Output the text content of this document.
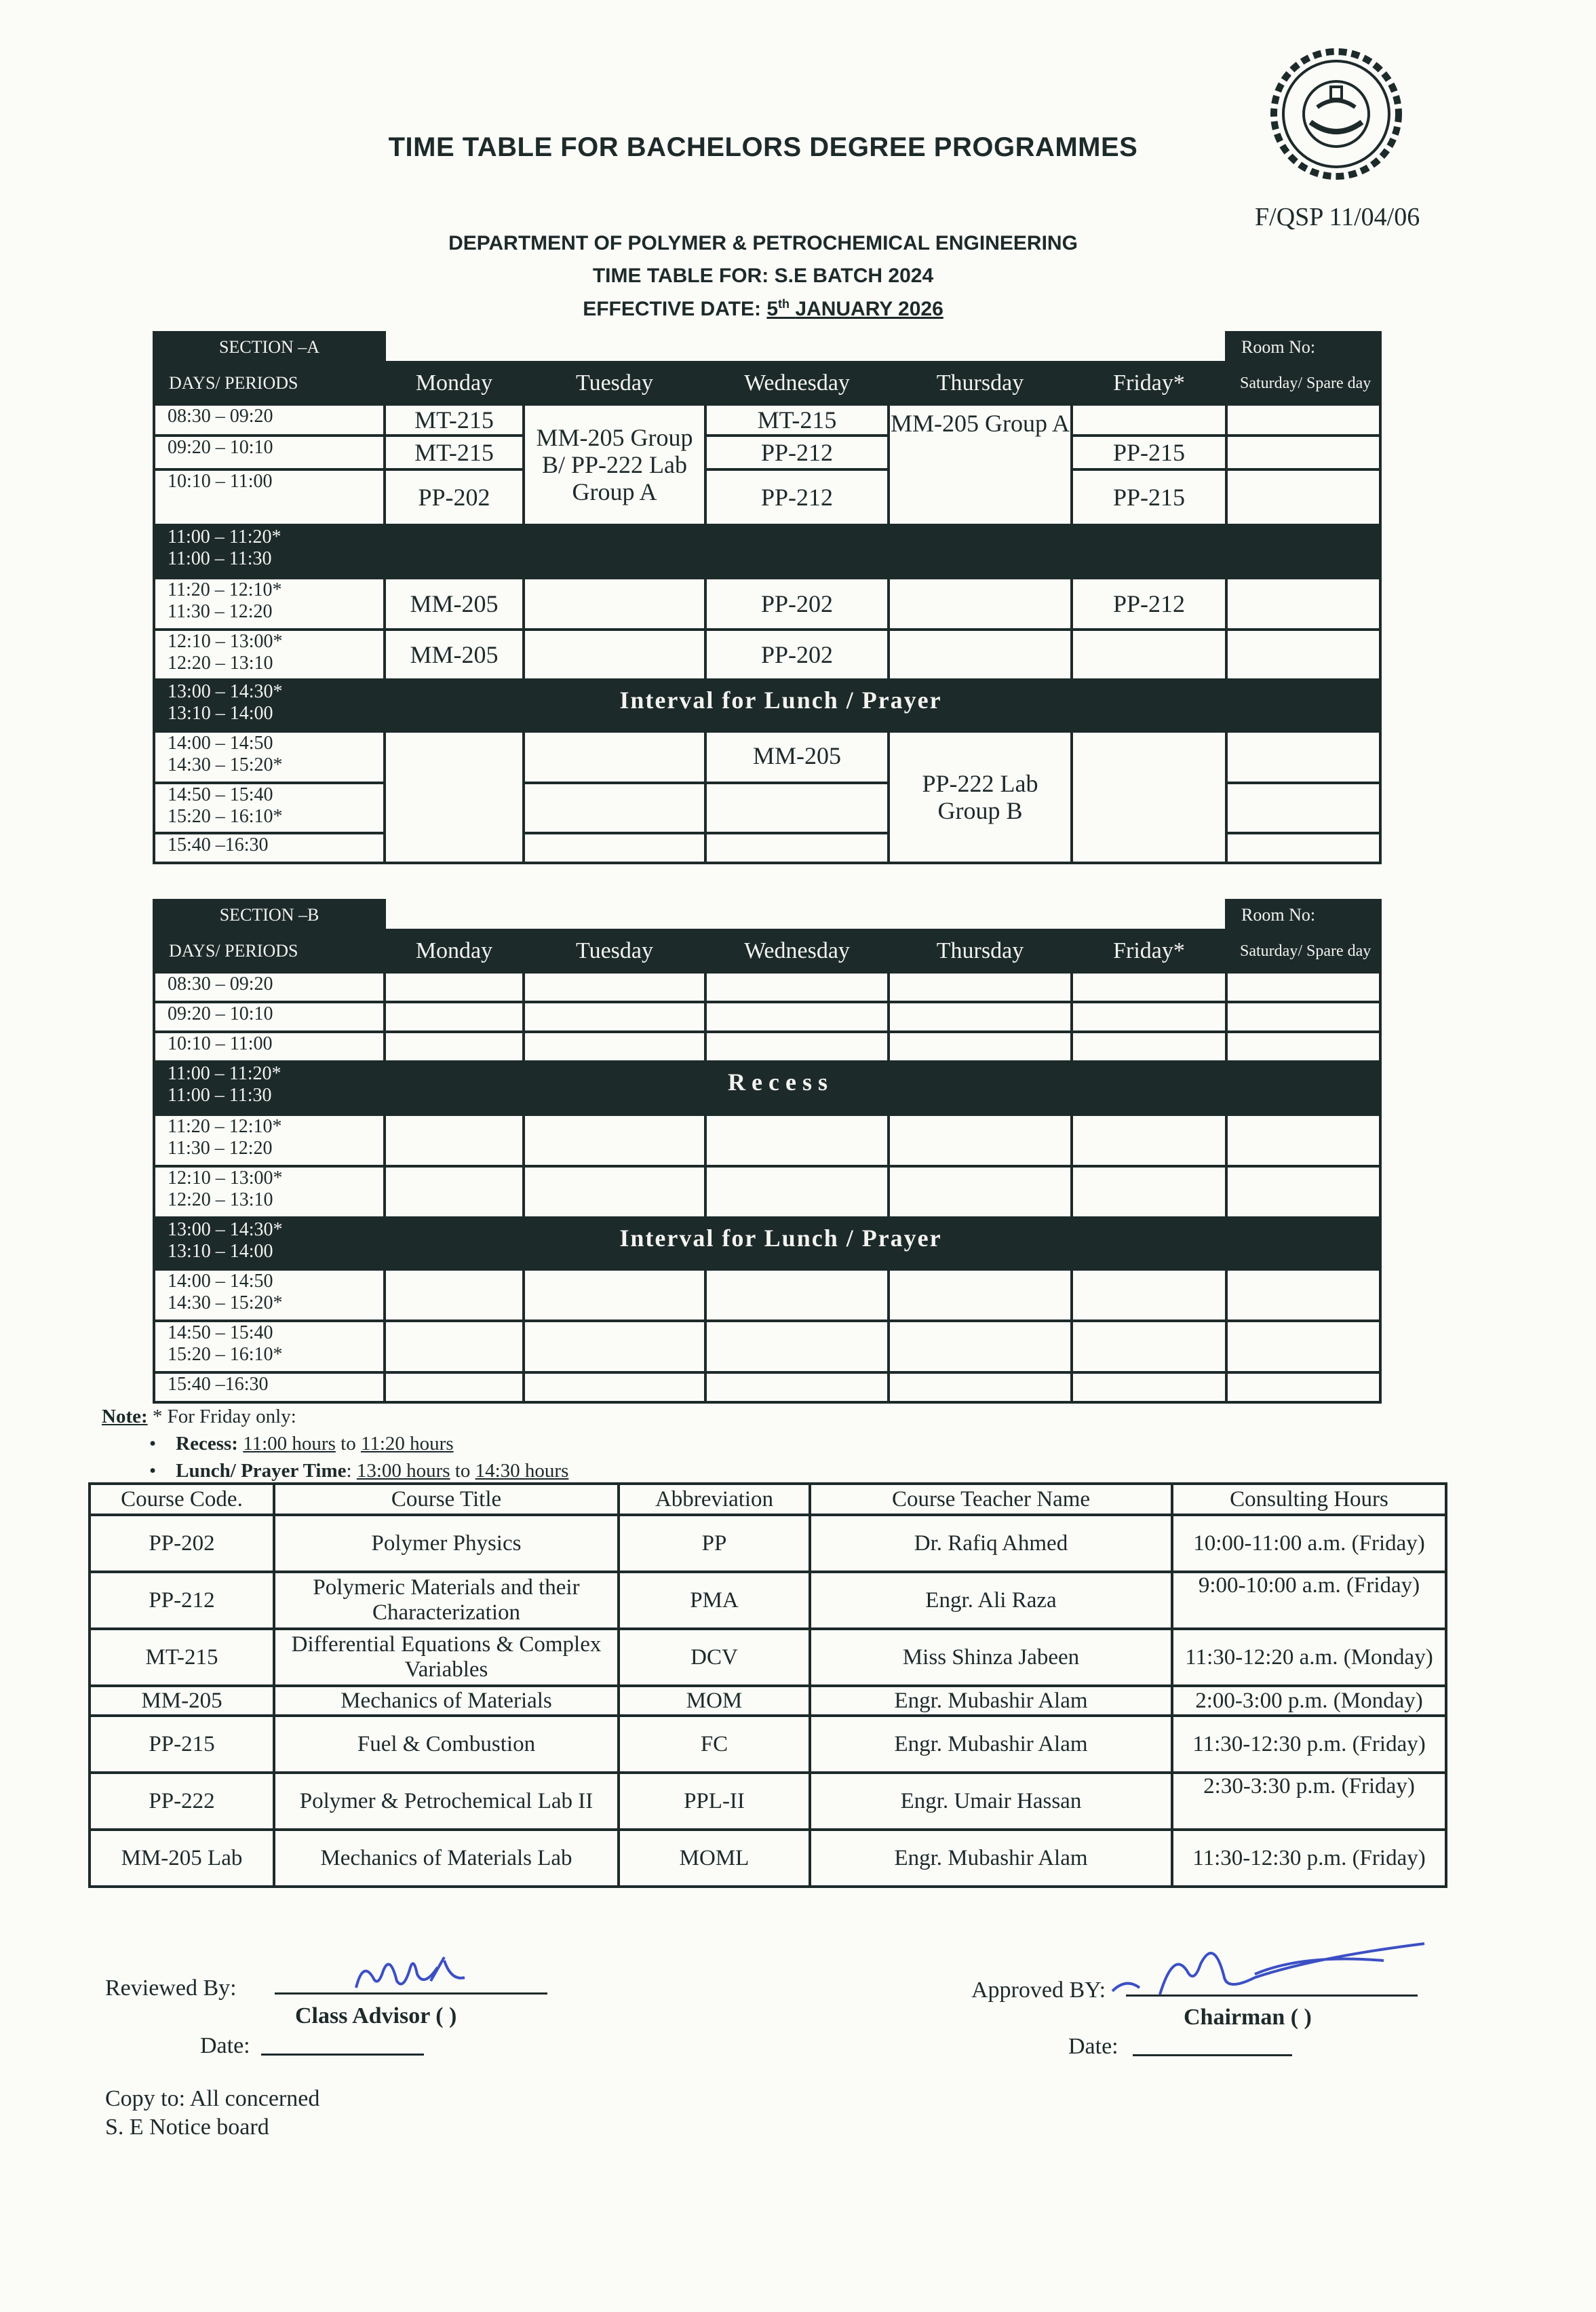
TIME TABLE FOR BACHELORS DEGREE PROGRAMMES
F/QSP 11/04/06
DEPARTMENT OF POLYMER & PETROCHEMICAL ENGINEERING
TIME TABLE FOR: S.E BATCH 2024
EFFECTIVE DATE: 5th JANUARY 2026
SECTION –A						Room No:
DAYS/ PERIODS	Monday	Tuesday	Wednesday	Thursday	Friday*	Saturday/ Spare day
08:30 – 09:20	MT-215	MM-205 Group B/ PP-222 Lab Group A	MT-215	MM-205 Group A		
09:20 – 10:10	MT-215		PP-212		PP-215	
10:10 – 11:00	PP-202		PP-212		PP-215	
11:00 – 11:20*
11:00 – 11:30						
11:20 – 12:10*
11:30 – 12:20	MM-205		PP-202		PP-212	
12:10 – 13:00*
12:20 – 13:10	MM-205		PP-202			
13:00 – 14:30*
13:10 – 14:00	Interval for Lunch / Prayer					
14:00 – 14:50
14:30 – 15:20*			MM-205	PP-222 Lab Group B		
14:50 – 15:40
15:20 – 16:10*						
15:40 –16:30						
SECTION –B						Room No:
DAYS/ PERIODS	Monday	Tuesday	Wednesday	Thursday	Friday*	Saturday/ Spare day
08:30 – 09:20						
09:20 – 10:10						
10:10 – 11:00						
11:00 – 11:20*
11:00 – 11:30	Recess					
11:20 – 12:10*
11:30 – 12:20						
12:10 – 13:00*
12:20 – 13:10						
13:00 – 14:30*
13:10 – 14:00	Interval for Lunch / Prayer					
14:00 – 14:50
14:30 – 15:20*						
14:50 – 15:40
15:20 – 16:10*						
15:40 –16:30						
Note: * For Friday only:
•    Recess: 11:00 hours to 11:20 hours
•    Lunch/ Prayer Time: 13:00 hours to 14:30 hours
Course Code.	Course Title	Abbreviation	Course Teacher Name	Consulting Hours
PP-202	Polymer Physics	PP	Dr. Rafiq Ahmed	10:00-11:00 a.m. (Friday)
PP-212	Polymeric Materials and their Characterization	PMA	Engr. Ali Raza	9:00-10:00 a.m. (Friday)
MT-215	Differential Equations & Complex Variables	DCV	Miss Shinza Jabeen	11:30-12:20 a.m. (Monday)
MM-205	Mechanics of Materials	MOM	Engr. Mubashir Alam	2:00-3:00 p.m. (Monday)
PP-215	Fuel & Combustion	FC	Engr. Mubashir Alam	11:30-12:30 p.m. (Friday)
PP-222	Polymer & Petrochemical Lab II	PPL-II	Engr. Umair Hassan	2:30-3:30 p.m. (Friday)
MM-205 Lab	Mechanics of Materials Lab	MOML	Engr. Mubashir Alam	11:30-12:30 p.m. (Friday)
Reviewed By:
Class Advisor ( )
Date:
Approved BY:
Chairman ( )
Date:
Copy to: All concerned
S. E Notice board
